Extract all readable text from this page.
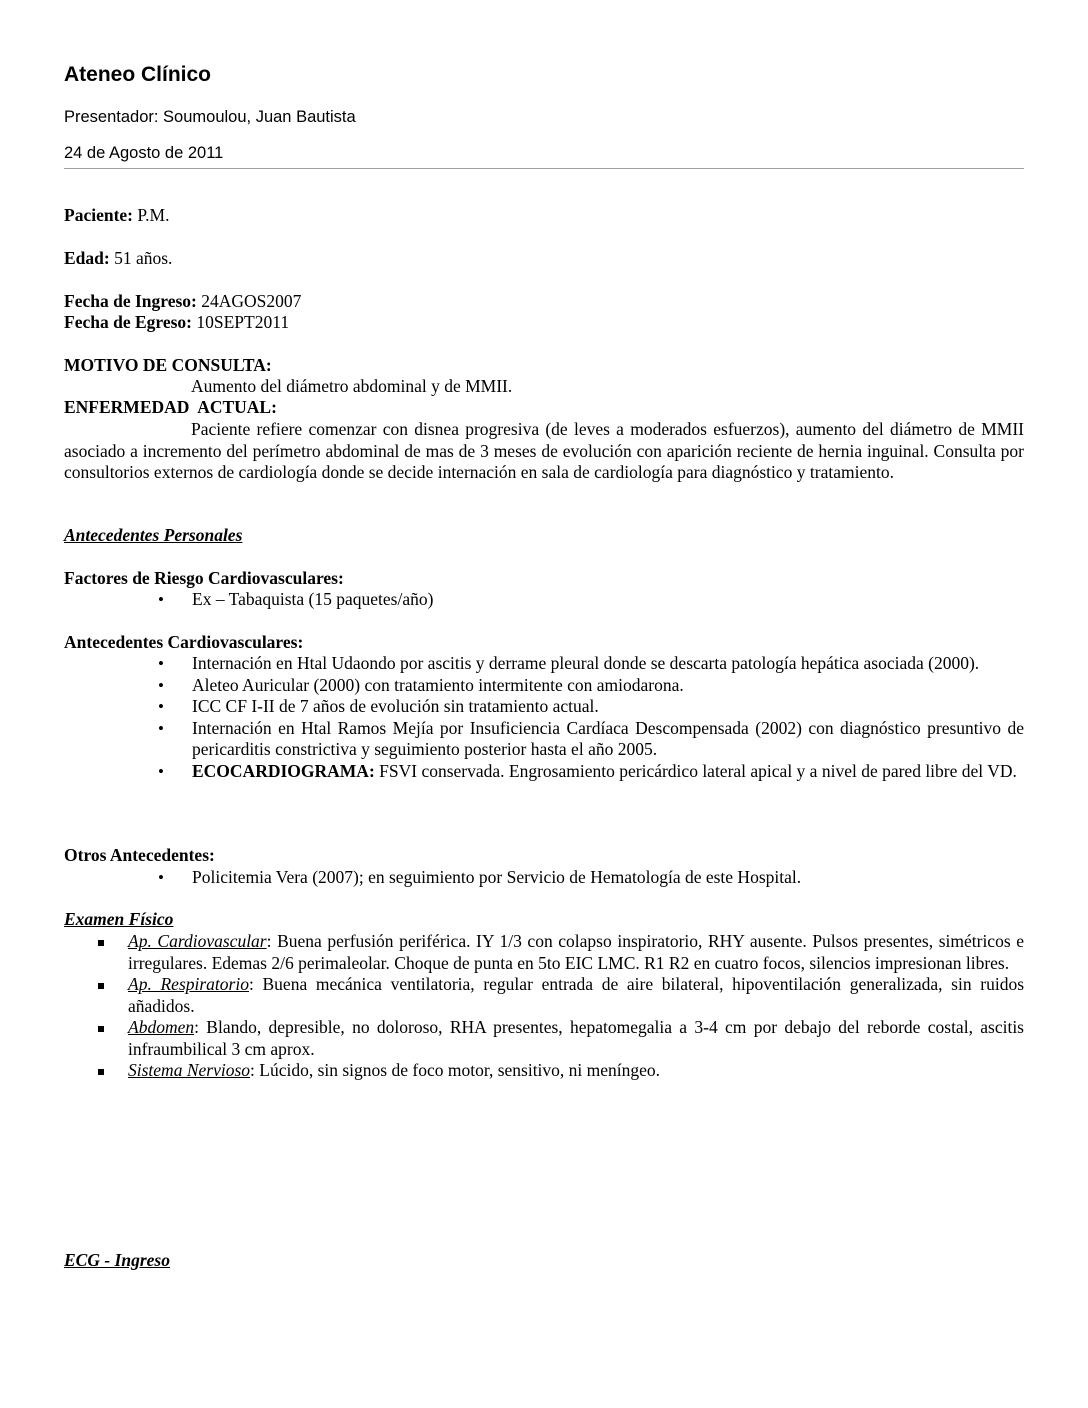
Ateneo Clínico
Presentador: Soumoulou, Juan Bautista
24 de Agosto de 2011
Paciente: P.M.
Edad: 51 años.
Fecha de Ingreso: 24AGOS2007
Fecha de Egreso: 10SEPT2011
MOTIVO DE CONSULTA:
Aumento del diámetro abdominal y de MMII.
ENFERMEDAD  ACTUAL:
Paciente refiere comenzar con disnea progresiva (de leves a moderados esfuerzos), aumento del diámetro de MMII asociado a incremento del perímetro abdominal de mas de 3 meses de evolución con aparición reciente de hernia inguinal. Consulta por consultorios externos de cardiología donde se decide internación en sala de cardiología para diagnóstico y tratamiento.
Antecedentes Personales
Factores de Riesgo Cardiovasculares:
• Ex – Tabaquista (15 paquetes/año)
Antecedentes Cardiovasculares:
• Internación en Htal Udaondo por ascitis y derrame pleural donde se descarta patología hepática asociada (2000).
• Aleteo Auricular (2000) con tratamiento intermitente con amiodarona.
• ICC CF I-II de 7 años de evolución sin tratamiento actual.
• Internación en Htal Ramos Mejía por Insuficiencia Cardíaca Descompensada (2002) con diagnóstico presuntivo de pericarditis constrictiva y seguimiento posterior hasta el año 2005.
• ECOCARDIOGRAMA: FSVI conservada. Engrosamiento pericárdico lateral apical y a nivel de pared libre del VD.
Otros Antecedentes:
• Policitemia Vera (2007); en seguimiento por Servicio de Hematología de este Hospital.
Examen Físico
Ap. Cardiovascular: Buena perfusión periférica. IY 1/3 con colapso inspiratorio, RHY ausente. Pulsos presentes, simétricos e irregulares. Edemas 2/6 perimaleolar. Choque de punta en 5to EIC LMC. R1 R2 en cuatro focos, silencios impresionan libres.
Ap. Respiratorio: Buena mecánica ventilatoria, regular entrada de aire bilateral, hipoventilación generalizada, sin ruidos añadidos.
Abdomen: Blando, depresible, no doloroso, RHA presentes, hepatomegalia a 3-4 cm por debajo del reborde costal, ascitis infraumbilical 3 cm aprox.
Sistema Nervioso: Lúcido, sin signos de foco motor, sensitivo, ni meníngeo.
ECG - Ingreso
